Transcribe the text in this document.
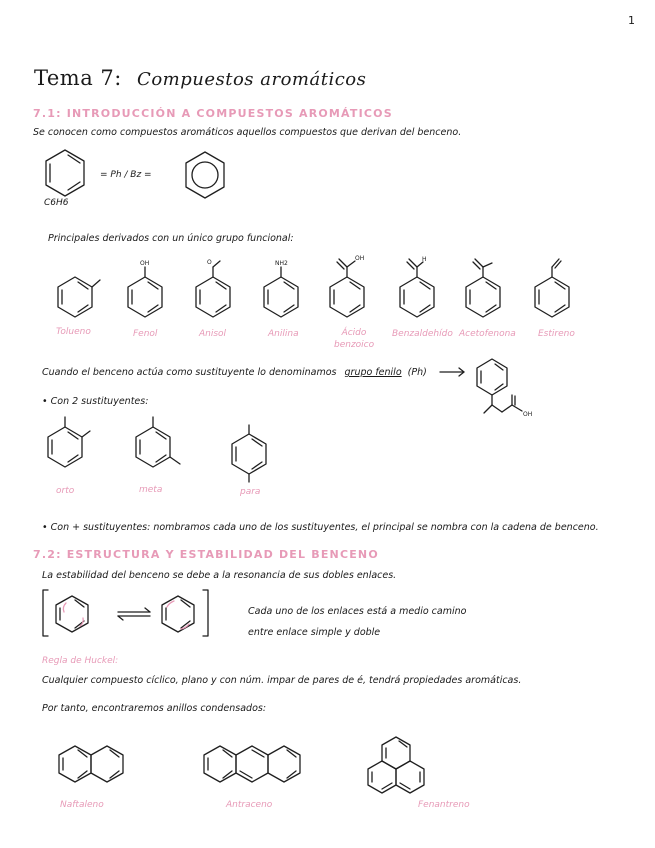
1
Tema 7: Compuestos aromáticos
7.1: INTRODUCCIÓN A COMPUESTOS AROMÁTICOS
Se conocen como compuestos aromáticos aquellos compuestos que derivan del benceno.
C6H6
= Ph / Bz =
Principales derivados con un único grupo funcional:
OH	O	NH2
OH	H
Tolueno	Fenol	Anisol	Anilina	Ácido benzoico
Benzaldehído Acetofenona Estireno
Cuando el benceno actúa como sustituyente lo denominamos grupo fenilo (Ph)
OH
• Con 2 sustituyentes:
orto	meta	para
• Con + sustituyentes: nombramos cada uno de los sustituyentes, el principal se nombra con la cadena de benceno.
7.2: ESTRUCTURA Y ESTABILIDAD DEL BENCENO
La estabilidad del benceno se debe a la resonancia de sus dobles enlaces.
Cada uno de los enlaces está a medio camino
entre enlace simple y doble
Regla de Huckel:
Cualquier compuesto cíclico, plano y con núm. impar de pares de é, tendrá propiedades aromáticas.
Por tanto, encontraremos anillos condensados:
Naftaleno	Antraceno	Fenantreno
